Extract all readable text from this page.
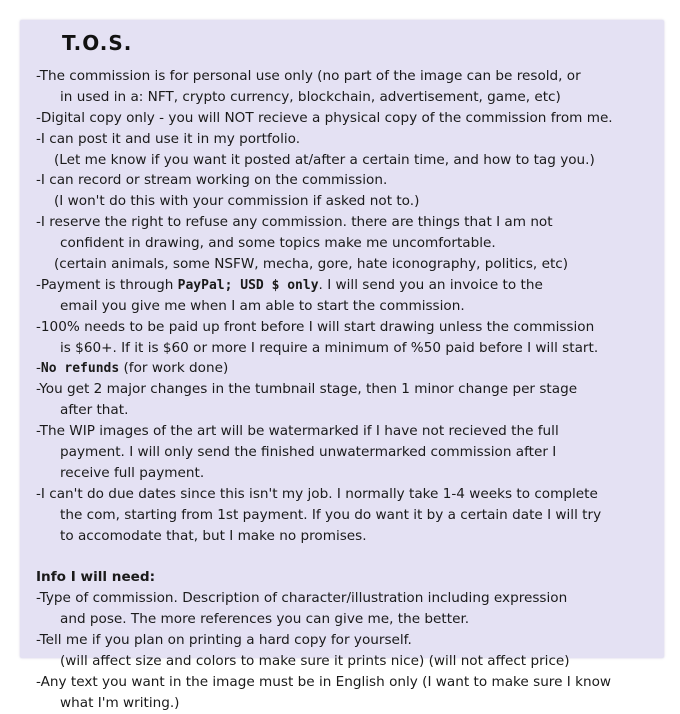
T.O.S.
-The commission is for personal use only (no part of the image can be resold, or
in used in a: NFT, crypto currency, blockchain, advertisement, game, etc)
-Digital copy only - you will NOT recieve a physical copy of the commission from me.
-I can post it and use it in my portfolio.
(Let me know if you want it posted at/after a certain time, and how to tag you.)
-I can record or stream working on the commission.
(I won't do this with your commission if asked not to.)
-I reserve the right to refuse any commission. there are things that I am not
confident in drawing, and some topics make me uncomfortable.
(certain animals, some NSFW, mecha, gore, hate iconography, politics, etc)
-Payment is through PayPal; USD $ only. I will send you an invoice to the
email you give me when I am able to start the commission.
-100% needs to be paid up front before I will start drawing unless the commission
is $60+. If it is $60 or more I require a minimum of %50 paid before I will start.
-No refunds (for work done)
-You get 2 major changes in the tumbnail stage, then 1 minor change per stage
after that.
-The WIP images of the art will be watermarked if I have not recieved the full
payment. I will only send the finished unwatermarked commission after I
receive full payment.
-I can't do due dates since this isn't my job. I normally take 1-4 weeks to complete
the com, starting from 1st payment. If you do want it by a certain date I will try
to accomodate that, but I make no promises.
Info I will need:
-Type of commission. Description of character/illustration including expression
and pose. The more references you can give me, the better.
-Tell me if you plan on printing a hard copy for yourself.
(will affect size and colors to make sure it prints nice) (will not affect price)
-Any text you want in the image must be in English only (I want to make sure I know
what I'm writing.)
